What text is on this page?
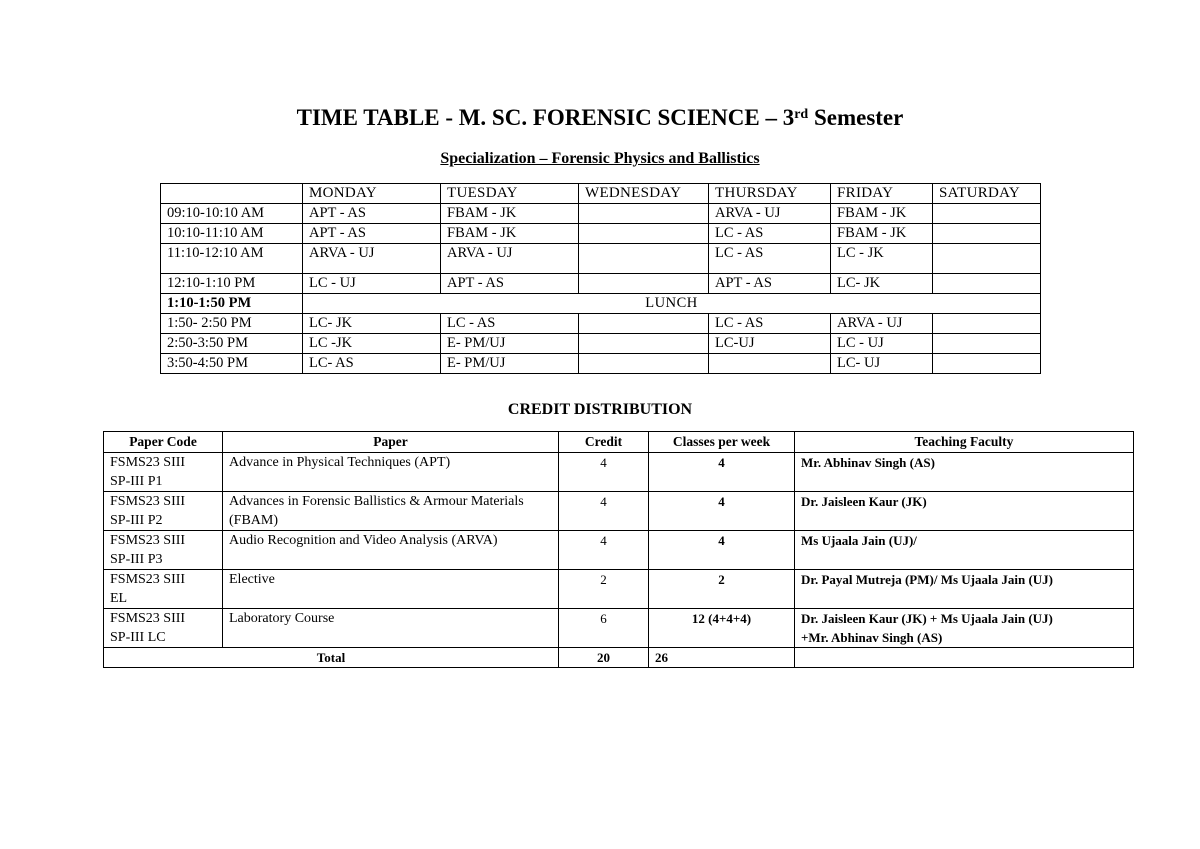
TIME TABLE - M. SC. FORENSIC SCIENCE – 3rd Semester
Specialization – Forensic Physics and Ballistics
	MONDAY	TUESDAY	WEDNESDAY	THURSDAY	FRIDAY	SATURDAY
09:10-10:10 AM	APT - AS	FBAM - JK		ARVA - UJ	FBAM - JK	
10:10-11:10 AM	APT - AS	FBAM - JK		LC - AS	FBAM - JK	
11:10-12:10 AM	ARVA - UJ	ARVA - UJ		LC - AS	LC - JK	
12:10-1:10 PM	LC - UJ	APT - AS		APT - AS	LC- JK	
1:10-1:50 PM	LUNCH					
1:50- 2:50 PM	LC- JK	LC - AS		LC - AS	ARVA - UJ	
2:50-3:50 PM	LC -JK	E- PM/UJ		LC-UJ	LC - UJ	
3:50-4:50 PM	LC- AS	E- PM/UJ			LC- UJ	
CREDIT DISTRIBUTION
Paper Code	Paper	Credit	Classes per week	Teaching Faculty
FSMS23 SIII
SP-III P1	Advance in Physical Techniques (APT)	4	4	Mr. Abhinav Singh (AS)
FSMS23 SIII
SP-III P2	Advances in Forensic Ballistics & Armour Materials (FBAM)	4	4	Dr. Jaisleen Kaur (JK)
FSMS23 SIII
SP-III P3	Audio Recognition and Video Analysis (ARVA)	4	4	Ms Ujaala Jain (UJ)/
FSMS23 SIII
EL	Elective	2	2	Dr. Payal Mutreja (PM)/ Ms Ujaala Jain (UJ)
FSMS23 SIII
SP-III LC	Laboratory Course	6	12 (4+4+4)	Dr. Jaisleen Kaur (JK) + Ms Ujaala Jain (UJ)
+Mr. Abhinav Singh (AS)
Total		20	26	
